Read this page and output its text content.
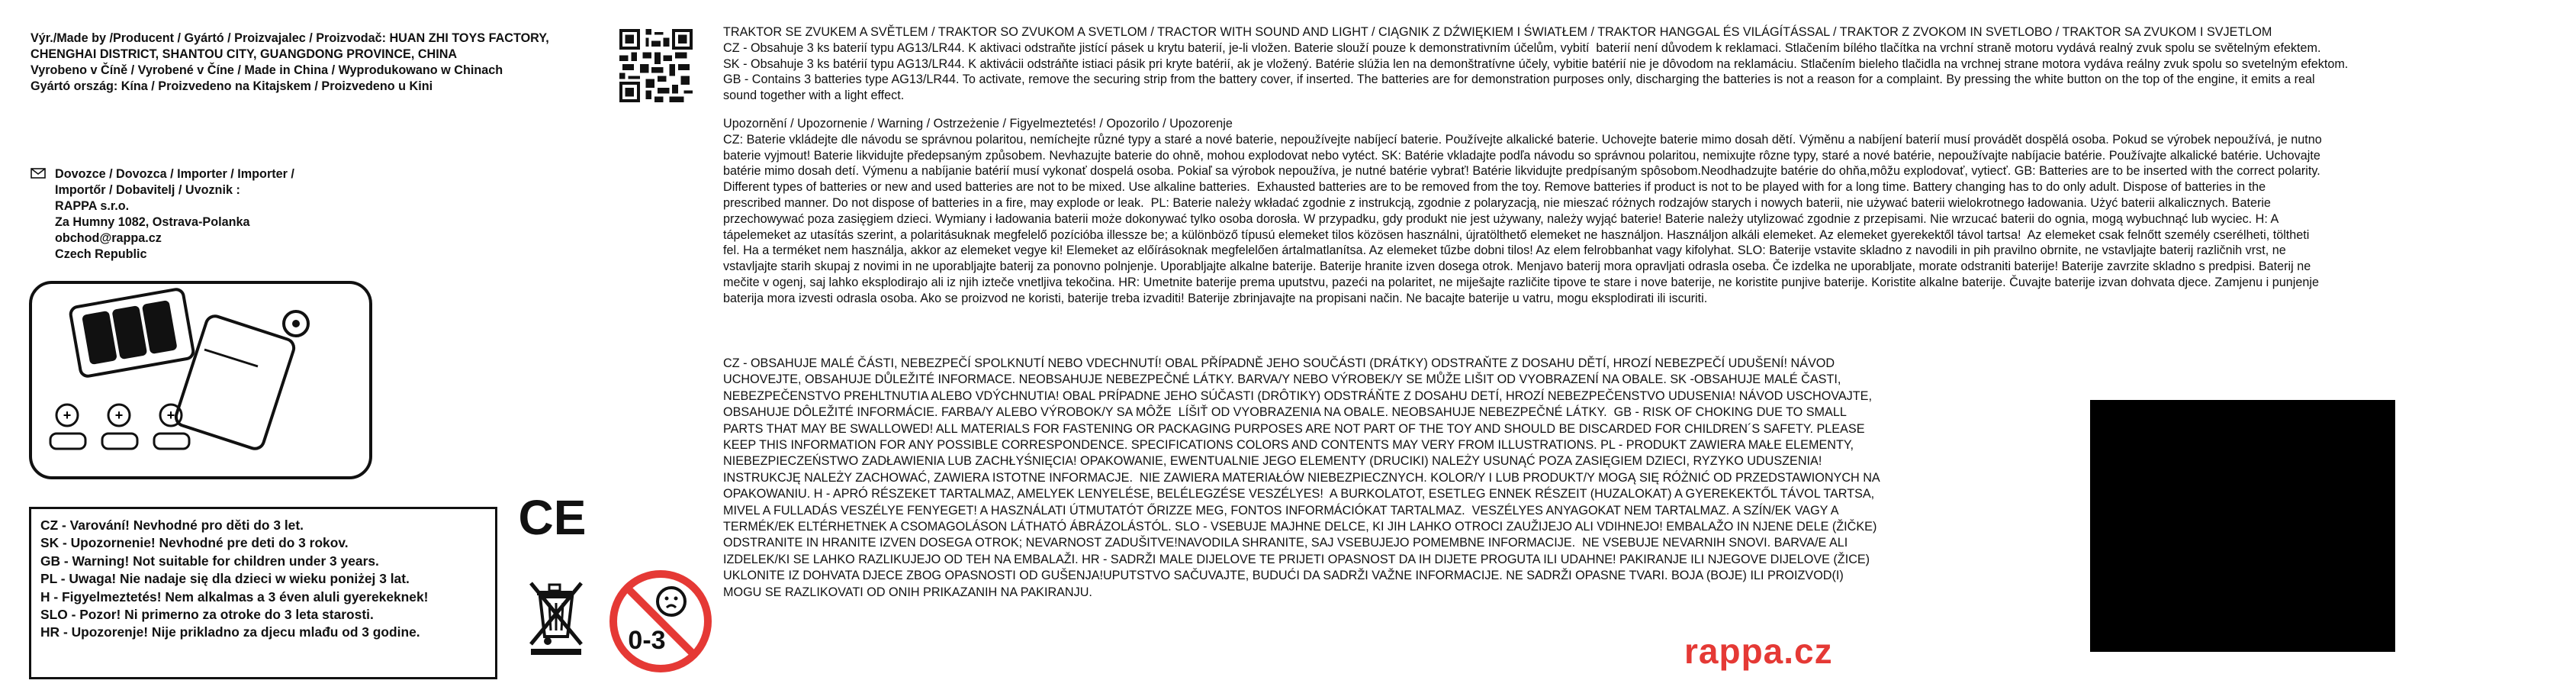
Výr./Made by /Producent / Gyártó / Proizvajalec / Proizvodač: HUAN ZHI TOYS FACTORY,

CHENGHAI DISTRICT, SHANTOU CITY, GUANGDONG PROVINCE, CHINA

Vyrobeno v Číně / Vyrobené v Číne / Made in China / Wyprodukowano w Chinach

Gyártó ország: Kína / Proizvedeno na Kitajskem / Proizvedeno u Kini

Dovozce / Dovozca / Importer / Importer /

Importőr / Dobavitelj / Uvoznik :

RAPPA s.r.o.

Za Humny 1082, Ostrava-Polanka

obchod@rappa.cz

Czech Republic

+	+	+

CZ - Varování! Nevhodné pro děti do 3 let.

SK - Upozornenie! Nevhodné pre deti do 3 rokov.

GB - Warning! Not suitable for children under 3 years.

PL - Uwaga! Nie nadaje się dla dzieci w wieku poniżej 3 lat.

H - Figyelmeztetés! Nem alkalmas a 3 éven aluli gyerekeknek!

SLO - Pozor! Ni primerno za otroke do 3 leta starosti.

HR - Upozorenje! Nije prikladno za djecu mlađu od 3 godine.

CE
0-3

TRAKTOR SE ZVUKEM A SVĚTLEM / TRAKTOR SO ZVUKOM A SVETLOM / TRACTOR WITH SOUND AND LIGHT / CIĄGNIK Z DŹWIĘKIEM I ŚWIATŁEM / TRAKTOR HANGGAL ÉS VILÁGÍTÁSSAL / TRAKTOR Z ZVOKOM IN SVETLOBO / TRAKTOR SA ZVUKOM I SVJETLOM

CZ - Obsahuje 3 ks baterií typu AG13/LR44. K aktivaci odstraňte jistící pásek u krytu baterií, je-li vložen. Baterie slouží pouze k demonstrativním účelům, vybití  baterií není důvodem k reklamaci. Stlačením bílého tlačítka na vrchní straně motoru vydává realný zvuk spolu se světelným efektem.

SK - Obsahuje 3 ks batérií typu AG13/LR44. K aktivácii odstráňte istiaci pásik pri kryte batérií, ak je vložený. Batérie slúžia len na demonštratívne účely, vybitie batérií nie je dôvodom na reklamáciu. Stlačením bieleho tlačidla na vrchnej strane motora vydáva reálny zvuk spolu so svetelným efektom.

GB - Contains 3 batteries type AG13/LR44. To activate, remove the securing strip from the battery cover, if inserted. The batteries are for demonstration purposes only, discharging the batteries is not a reason for a complaint. By pressing the white button on the top of the engine, it emits a real

sound together with a light effect.

Upozornění / Upozornenie / Warning / Ostrzeżenie / Figyelmeztetés! / Opozorilo / Upozorenje

CZ: Baterie vkládejte dle návodu se správnou polaritou, nemíchejte různé typy a staré a nové baterie, nepoužívejte nabíjecí baterie. Používejte alkalické baterie. Uchovejte baterie mimo dosah dětí. Výměnu a nabíjení baterií musí provádět dospělá osoba. Pokud se výrobek nepoužívá, je nutno

baterie vyjmout! Baterie likvidujte předepsaným způsobem. Nevhazujte baterie do ohně, mohou explodovat nebo vytéct. SK: Batérie vkladajte podľa návodu so správnou polaritou, nemixujte rôzne typy, staré a nové batérie, nepoužívajte nabíjacie batérie. Používajte alkalické batérie. Uchovajte

batérie mimo dosah detí. Výmenu a nabíjanie batérií musí vykonať dospelá osoba. Pokiaľ sa výrobok nepoužíva, je nutné batérie vybrať! Batérie likvidujte predpísaným spôsobom.Neodhadzujte batérie do ohňa,môžu explodovať, vytiecť. GB: Batteries are to be inserted with the correct polarity.

Different types of batteries or new and used batteries are not to be mixed. Use alkaline batteries.  Exhausted batteries are to be removed from the toy. Remove batteries if product is not to be played with for a long time. Battery changing has to do only adult. Dispose of batteries in the

prescribed manner. Do not dispose of batteries in a fire, may explode or leak.  PL: Baterie należy wkładać zgodnie z instrukcją, zgodnie z polaryzacją, nie mieszać różnych rodzajów starych i nowych baterii, nie używać baterii wielokrotnego ładowania. Użyć baterii alkalicznych. Baterie

przechowywać poza zasięgiem dzieci. Wymiany i ładowania baterii może dokonywać tylko osoba dorosła. W przypadku, gdy produkt nie jest używany, należy wyjąć baterie! Baterie należy utylizować zgodnie z przepisami. Nie wrzucać baterii do ognia, mogą wybuchnąć lub wyciec. H: A

tápelemeket az utasítás szerint, a polaritásuknak megfelelő pozícióba illessze be; a különböző típusú elemeket tilos közösen használni, újratölthető elemeket ne használjon. Használjon alkáli elemeket. Az elemeket gyerekektől távol tartsa!  Az elemeket csak felnőtt személy cserélheti, töltheti

fel. Ha a terméket nem használja, akkor az elemeket vegye ki! Elemeket az előírásoknak megfelelően ártalmatlanítsa. Az elemeket tűzbe dobni tilos! Az elem felrobbanhat vagy kifolyhat. SLO: Baterije vstavite skladno z navodili in pih pravilno obrnite, ne vstavljajte baterij različnih vrst, ne

vstavljajte starih skupaj z novimi in ne uporabljajte baterij za ponovno polnjenje. Uporabljajte alkalne baterije. Baterije hranite izven dosega otrok. Menjavo baterij mora opravljati odrasla oseba. Če izdelka ne uporabljate, morate odstraniti baterije! Baterije zavrzite skladno s predpisi. Baterij ne

mečite v ogenj, saj lahko eksplodirajo ali iz njih izteče vnetljiva tekočina. HR: Umetnite baterije prema uputstvu, pazeći na polaritet, ne miješajte različite tipove te stare i nove baterije, ne koristite punjive baterije. Koristite alkalne baterije. Čuvajte baterije izvan dohvata djece. Zamjenu i punjenje

baterija mora izvesti odrasla osoba. Ako se proizvod ne koristi, baterije treba izvaditi! Baterije zbrinjavajte na propisani način. Ne bacajte baterije u vatru, mogu eksplodirati ili iscuriti.

CZ - OBSAHUJE MALÉ ČÁSTI, NEBEZPEČÍ SPOLKNUTÍ NEBO VDECHNUTÍ! OBAL PŘÍPADNĚ JEHO SOUČÁSTI (DRÁTKY) ODSTRAŇTE Z DOSAHU DĚTÍ, HROZÍ NEBEZPEČÍ UDUŠENÍ! NÁVOD

UCHOVEJTE, OBSAHUJE DŮLEŽITÉ INFORMACE. NEOBSAHUJE NEBEZPEČNÉ LÁTKY. BARVA/Y NEBO VÝROBEK/Y SE MŮŽE LIŠIT OD VYOBRAZENÍ NA OBALE. SK -OBSAHUJE MALÉ ČASTI,

NEBEZPEČENSTVO PREHLTNUTIA ALEBO VDÝCHNUTIA! OBAL PRÍPADNE JEHO SÚČASTI (DRÔTIKY) ODSTRÁŇTE Z DOSAHU DETÍ, HROZÍ NEBEZPEČENSTVO UDUSENIA! NÁVOD USCHOVAJTE,

OBSAHUJE DÔLEŽITÉ INFORMÁCIE. FARBA/Y ALEBO VÝROBOK/Y SA MÔŽE  LÍŠIŤ OD VYOBRAZENIA NA OBALE. NEOBSAHUJE NEBEZPEČNÉ LÁTKY.  GB - RISK OF CHOKING DUE TO SMALL

PARTS THAT MAY BE SWALLOWED! ALL MATERIALS FOR FASTENING OR PACKAGING PURPOSES ARE NOT PART OF THE TOY AND SHOULD BE DISCARDED FOR CHILDREN´S SAFETY. PLEASE

KEEP THIS INFORMATION FOR ANY POSSIBLE CORRESPONDENCE. SPECIFICATIONS COLORS AND CONTENTS MAY VERY FROM ILLUSTRATIONS. PL - PRODUKT ZAWIERA MAŁE ELEMENTY,

NIEBEZPIECZEŃSTWO ZADŁAWIENIA LUB ZACHŁYŚNIĘCIA! OPAKOWANIE, EWENTUALNIE JEGO ELEMENTY (DRUCIKI) NALEŻY USUNĄĆ POZA ZASIĘGIEM DZIECI, RYZYKO UDUSZENIA!

INSTRUKCJĘ NALEŻY ZACHOWAĆ, ZAWIERA ISTOTNE INFORMACJE.  NIE ZAWIERA MATERIAŁÓW NIEBEZPIECZNYCH. KOLOR/Y I LUB PRODUKT/Y MOGĄ SIĘ RÓŻNIĆ OD PRZEDSTAWIONYCH NA

OPAKOWANIU. H - APRÓ RÉSZEKET TARTALMAZ, AMELYEK LENYELÉSE, BELÉLEGZÉSE VESZÉLYES!  A BURKOLATOT, ESETLEG ENNEK RÉSZEIT (HUZALOKAT) A GYEREKEKTŐL TÁVOL TARTSA,

MIVEL A FULLADÁS VESZÉLYE FENYEGET! A HASZNÁLATI ÚTMUTATÓT ŐRIZZE MEG, FONTOS INFORMÁCIÓKAT TARTALMAZ.  VESZÉLYES ANYAGOKAT NEM TARTALMAZ. A SZÍN/EK VAGY A

TERMÉK/EK ELTÉRHETNEK A CSOMAGOLÁSON LÁTHATÓ ÁBRÁZOLÁSTÓL. SLO - VSEBUJE MAJHNE DELCE, KI JIH LAHKO OTROCI ZAUŽIJEJO ALI VDIHNEJO! EMBALAŽO IN NJENE DELE (ŽIČKE)

ODSTRANITE IN HRANITE IZVEN DOSEGA OTROK; NEVARNOST ZADUŠITVE!NAVODILA SHRANITE, SAJ VSEBUJEJO POMEMBNE INFORMACIJE.  NE VSEBUJE NEVARNIH SNOVI. BARVA/E ALI

IZDELEK/KI SE LAHKO RAZLIKUJEJO OD TEH NA EMBALAŽI. HR - SADRŽI MALE DIJELOVE TE PRIJETI OPASNOST DA IH DIJETE PROGUTA ILI UDAHNE! PAKIRANJE ILI NJEGOVE DIJELOVE (ŽICE)

UKLONITE IZ DOHVATA DJECE ZBOG OPASNOSTI OD GUŠENJA!UPUTSTVO SAČUVAJTE, BUDUĆI DA SADRŽI VAŽNE INFORMACIJE. NE SADRŽI OPASNE TVARI. BOJA (BOJE) ILI PROIZVOD(I)

MOGU SE RAZLIKOVATI OD ONIH PRIKAZANIH NA PAKIRANJU.

rappa.cz
